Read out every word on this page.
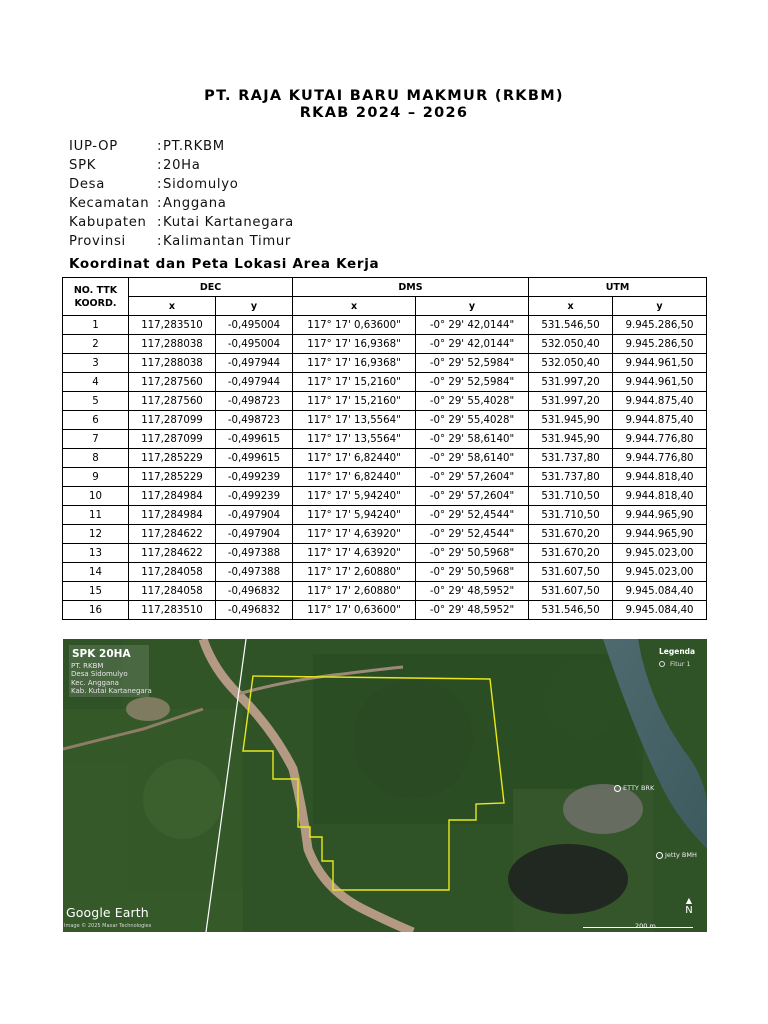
PT. RAJA KUTAI BARU MAKMUR (RKBM)
RKAB 2024 – 2026
IUP-OP	:PT.RKBM
SPK	:20Ha
Desa	:Sidomulyo
Kecamatan :Anggana
Kabupaten :Kutai Kartanegara
Provinsi :Kalimantan Timur
Koordinat dan Peta Lokasi Area Kerja
NO. TTK KOORD.	DEC		DMS		UTM	
	x	y	x	y	x	y
1	117,283510	-0,495004	117° 17' 0,63600"	-0° 29' 42,0144"	531.546,50	9.945.286,50
2	117,288038	-0,495004	117° 17' 16,9368"	-0° 29' 42,0144"	532.050,40	9.945.286,50
3	117,288038	-0,497944	117° 17' 16,9368"	-0° 29' 52,5984"	532.050,40	9.944.961,50
4	117,287560	-0,497944	117° 17' 15,2160"	-0° 29' 52,5984"	531.997,20	9.944.961,50
5	117,287560	-0,498723	117° 17' 15,2160"	-0° 29' 55,4028"	531.997,20	9.944.875,40
6	117,287099	-0,498723	117° 17' 13,5564"	-0° 29' 55,4028"	531.945,90	9.944.875,40
7	117,287099	-0,499615	117° 17' 13,5564"	-0° 29' 58,6140"	531.945,90	9.944.776,80
8	117,285229	-0,499615	117° 17' 6,82440"	-0° 29' 58,6140"	531.737,80	9.944.776,80
9	117,285229	-0,499239	117° 17' 6,82440"	-0° 29' 57,2604"	531.737,80	9.944.818,40
10	117,284984	-0,499239	117° 17' 5,94240"	-0° 29' 57,2604"	531.710,50	9.944.818,40
11	117,284984	-0,497904	117° 17' 5,94240"	-0° 29' 52,4544"	531.710,50	9.944.965,90
12	117,284622	-0,497904	117° 17' 4,63920"	-0° 29' 52,4544"	531.670,20	9.944.965,90
13	117,284622	-0,497388	117° 17' 4,63920"	-0° 29' 50,5968"	531.670,20	9.945.023,00
14	117,284058	-0,497388	117° 17' 2,60880"	-0° 29' 50,5968"	531.607,50	9.945.023,00
15	117,284058	-0,496832	117° 17' 2,60880"	-0° 29' 48,5952"	531.607,50	9.945.084,40
16	117,283510	-0,496832	117° 17' 0,63600"	-0° 29' 48,5952"	531.546,50	9.945.084,40
SPK 20HA
PT. RKBM
Desa Sidomulyo
Kec. Anggana
Kab. Kutai Kartanegara
Legenda
Fitur 1
ETTY BRK
Jetty BMH
Google Earth
Image © 2025 Maxar Technologies	200 m
▲
N
